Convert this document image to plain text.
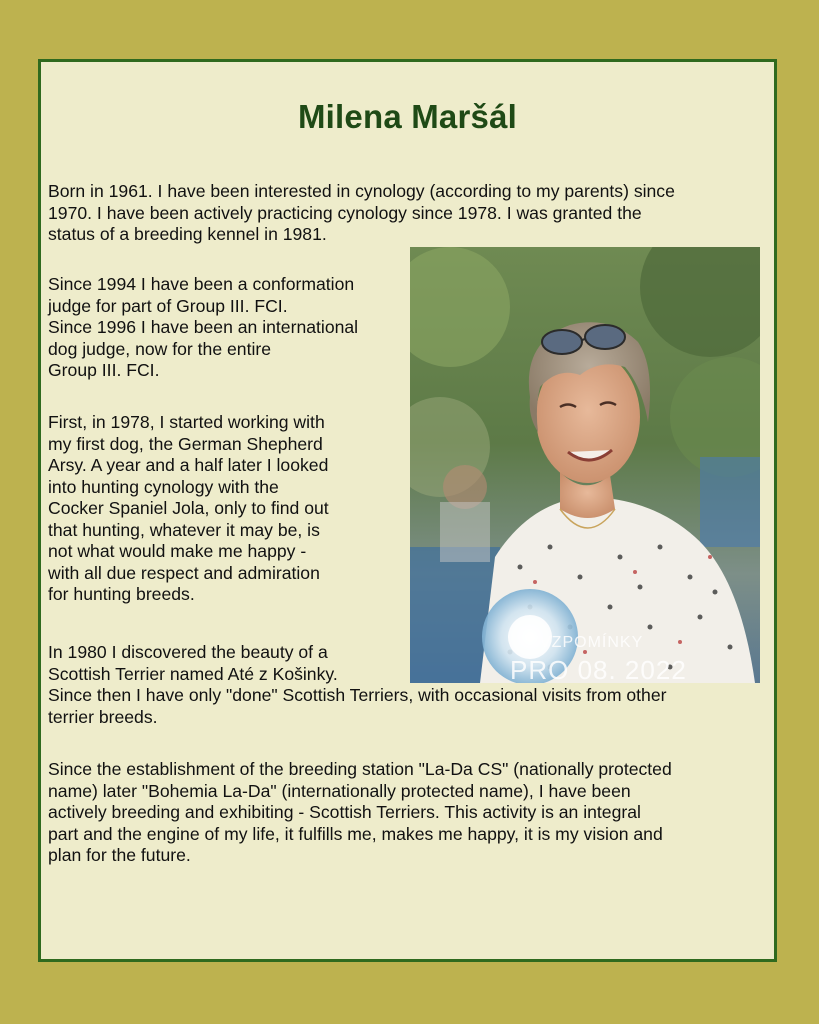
Milena Maršál

Born in 1961. I have been interested in cynology (according to my parents) since
1970. I have been actively practicing cynology since 1978. I was granted the
status of a breeding kennel in 1981.

Since 1994 I have been a conformation
judge for part of Group III. FCI.
Since 1996 I have been an international
dog judge, now for the entire
Group III. FCI.

First, in 1978, I started working with
my first dog, the German Shepherd
Arsy. A year and a half later I looked
into hunting cynology with the
Cocker Spaniel Jola, only to find out
that hunting, whatever it may be, is
not what would make me happy -
with all due respect and admiration
for hunting breeds.

In 1980 I discovered the beauty of a
Scottish Terrier named Até z Košinky.
Since then I have only "done" Scottish Terriers, with occasional visits from other
terrier breeds.

Since the establishment of the breeding station "La-Da CS" (nationally protected
name) later "Bohemia La-Da" (internationally protected name), I have been
actively breeding and exhibiting - Scottish Terriers. This activity is an integral
part and the engine of my life, it fulfills me, makes me happy, it is my vision and
plan for the future.

VZPOMÍNKY
PRO 08. 2022
